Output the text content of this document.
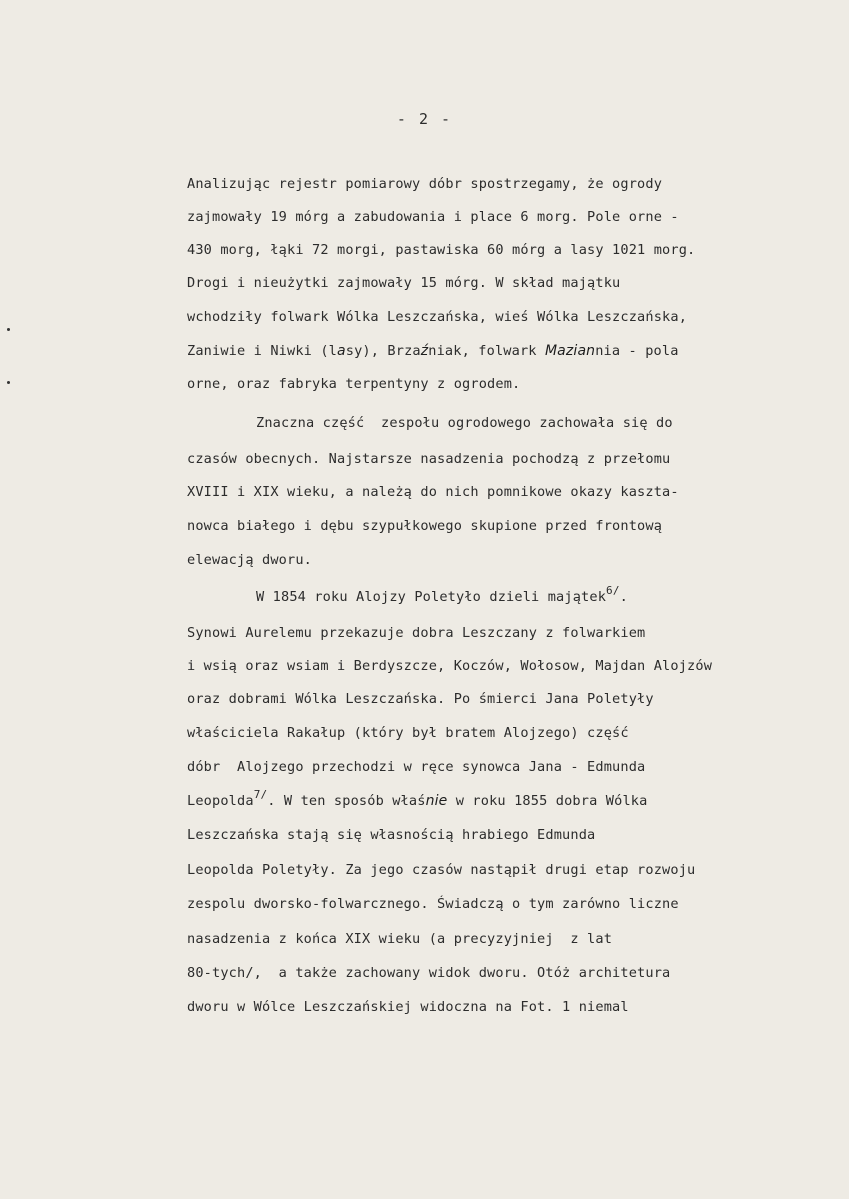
- 2 -
Analizując rejestr pomiarowy dóbr spostrzegamy, że ogrody
zajmowały 19 mórg a zabudowania i place 6 morg. Pole orne -
430 morg, łąki 72 morgi, pastawiska 60 mórg a lasy 1021 morg.
Drogi i nieużytki zajmowały 15 mórg. W skład majątku
wchodziły folwark Wólka Leszczańska, wieś Wólka Leszczańska,
Zaniwie i Niwki (lasy), Brzaźniak, folwark Maziannia - pola
orne, oraz fabryka terpentyny z ogrodem.
Znaczna część  zespołu ogrodowego zachowała się do
czasów obecnych. Najstarsze nasadzenia pochodzą z przełomu
XVIII i XIX wieku, a należą do nich pomnikowe okazy kaszta-
nowca białego i dębu szypułkowego skupione przed frontową
elewacją dworu.
W 1854 roku Alojzy Poletyło dzieli majątek$^{6/}$.
Synowi Aurelemu przekazuje dobra Leszczany z folwarkiem
i wsią oraz wsiam i Berdyszcze, Koczów, Wołosow, Majdan Alojzów
oraz dobrami Wólka Leszczańska. Po śmierci Jana Poletyły
właściciela Rakałup (który był bratem Alojzego) część
dóbr  Alojzego przechodzi w ręce synowca Jana - Edmunda
Leopolda$^{7/}$. W ten sposób właśnie w roku 1855 dobra Wólka
Leszczańska stają się własnością hrabiego Edmunda
Leopolda Poletyły. Za jego czasów nastąpił drugi etap rozwoju
zespolu dworsko-folwarcznego. Świadczą o tym zarówno liczne
nasadzenia z końca XIX wieku (a precyzyjniej  z lat
80-tych/,  a także zachowany widok dworu. Otóż architetura
dworu w Wólce Leszczańskiej widoczna na Fot. 1 niemal
